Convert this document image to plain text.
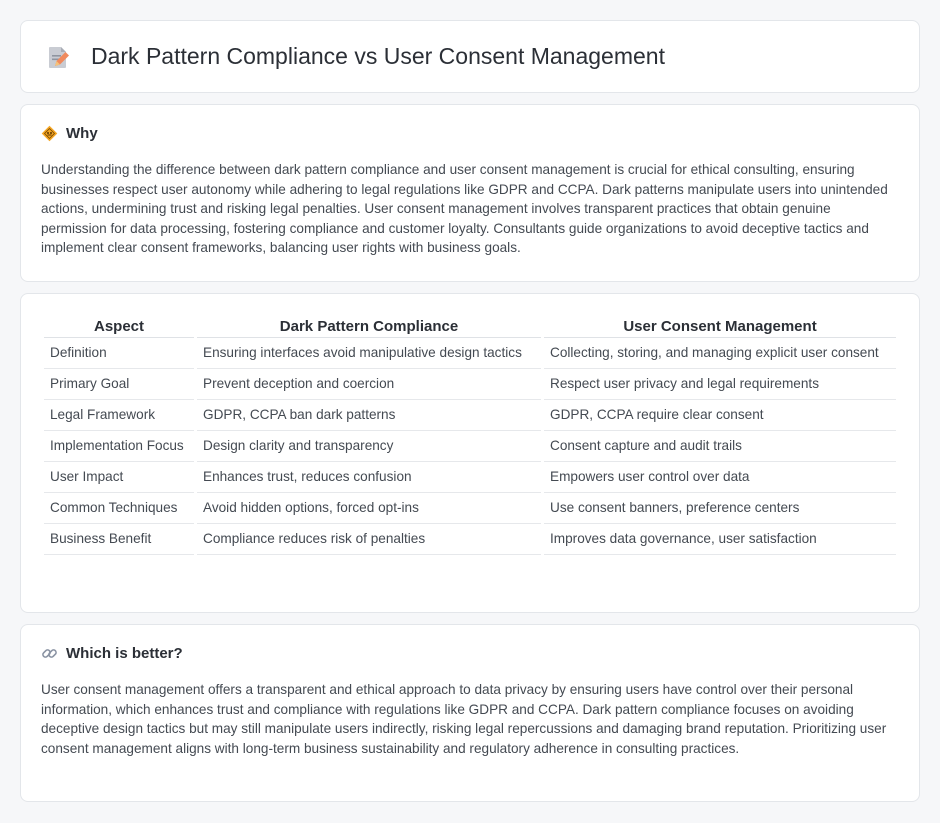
Dark Pattern Compliance vs User Consent Management
Why

Understanding the difference between dark pattern compliance and user consent management is crucial for ethical consulting, ensuring businesses respect user autonomy while adhering to legal regulations like GDPR and CCPA. Dark patterns manipulate users into unintended actions, undermining trust and risking legal penalties. User consent management involves transparent practices that obtain genuine permission for data processing, fostering compliance and customer loyalty. Consultants guide organizations to avoid deceptive tactics and implement clear consent frameworks, balancing user rights with business goals.

Aspect	Dark Pattern Compliance	User Consent Management
Definition	Ensuring interfaces avoid manipulative design tactics	Collecting, storing, and managing explicit user consent
Primary Goal	Prevent deception and coercion	Respect user privacy and legal requirements
Legal Framework	GDPR, CCPA ban dark patterns	GDPR, CCPA require clear consent
Implementation Focus	Design clarity and transparency	Consent capture and audit trails
User Impact	Enhances trust, reduces confusion	Empowers user control over data
Common Techniques	Avoid hidden options, forced opt-ins	Use consent banners, preference centers
Business Benefit	Compliance reduces risk of penalties	Improves data governance, user satisfaction
Which is better?

User consent management offers a transparent and ethical approach to data privacy by ensuring users have control over their personal information, which enhances trust and compliance with regulations like GDPR and CCPA. Dark pattern compliance focuses on avoiding deceptive design tactics but may still manipulate users indirectly, risking legal repercussions and damaging brand reputation. Prioritizing user consent management aligns with long-term business sustainability and regulatory adherence in consulting practices.
